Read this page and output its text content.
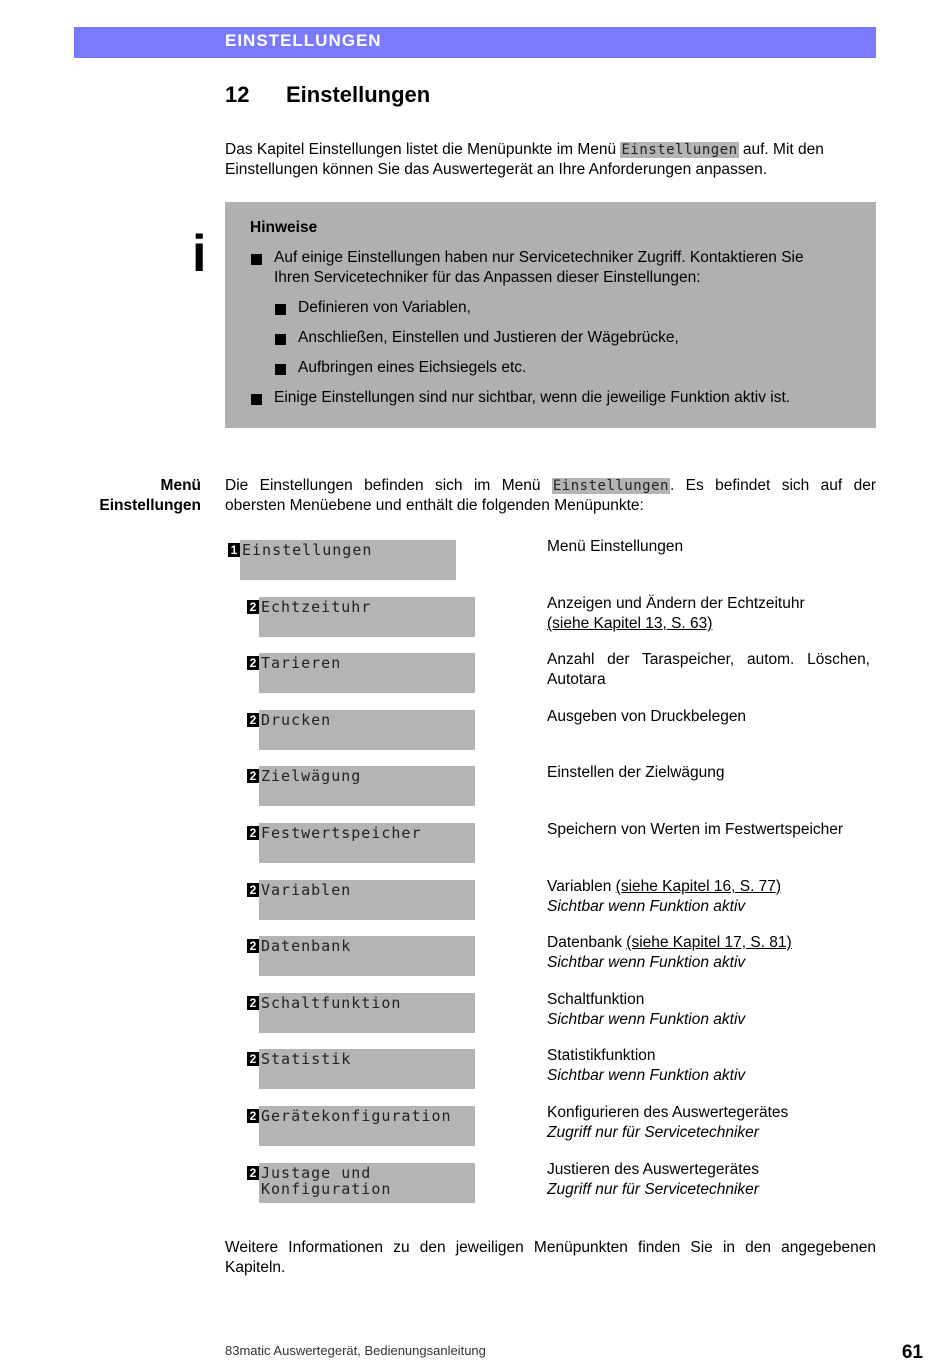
EINSTELLUNGEN
12 Einstellungen
Das Kapitel Einstellungen listet die Menüpunkte im Menü Einstellungen auf. Mit den
Einstellungen können Sie das Auswertegerät an Ihre Anforderungen anpassen.
i	Hinweise
Auf einige Einstellungen haben nur Servicetechniker Zugriff. Kontaktieren Sie
Ihren Servicetechniker für das Anpassen dieser Einstellungen:
Definieren von Variablen,
Anschließen, Einstellen und Justieren der Wägebrücke,
Aufbringen eines Eichsiegels etc.
Einige Einstellungen sind nur sichtbar, wenn die jeweilige Funktion aktiv ist.
Menü
Einstellungen
Die Einstellungen befinden sich im Menü Einstellungen. Es befindet sich auf der
obersten Menüebene und enthält die folgenden Menüpunkte:
1 Einstellungen	Menü Einstellungen
2 Echtzeituhr	Anzeigen und Ändern der Echtzeituhr
(siehe Kapitel 13, S. 63)
2 Tarieren	Anzahl der Taraspeicher, autom. Löschen,
Autotara
2 Drucken	Ausgeben von Druckbelegen
2 Zielwägung	Einstellen der Zielwägung
2 Festwertspeicher	Speichern von Werten im Festwertspeicher
2 Variablen	Variablen (siehe Kapitel 16, S. 77)
Sichtbar wenn Funktion aktiv
2 Datenbank	Datenbank (siehe Kapitel 17, S. 81)
Sichtbar wenn Funktion aktiv
2 Schaltfunktion	Schaltfunktion
Sichtbar wenn Funktion aktiv
2 Statistik	Statistikfunktion
Sichtbar wenn Funktion aktiv
2 Gerätekonfiguration	Konfigurieren des Auswertegerätes
Zugriff nur für Servicetechniker
2 Justage und
Konfiguration
Justieren des Auswertegerätes
Zugriff nur für Servicetechniker
Weitere Informationen zu den jeweiligen Menüpunkten finden Sie in den angegebenen
Kapiteln.
83matic Auswertegerät, Bedienungsanleitung	61
